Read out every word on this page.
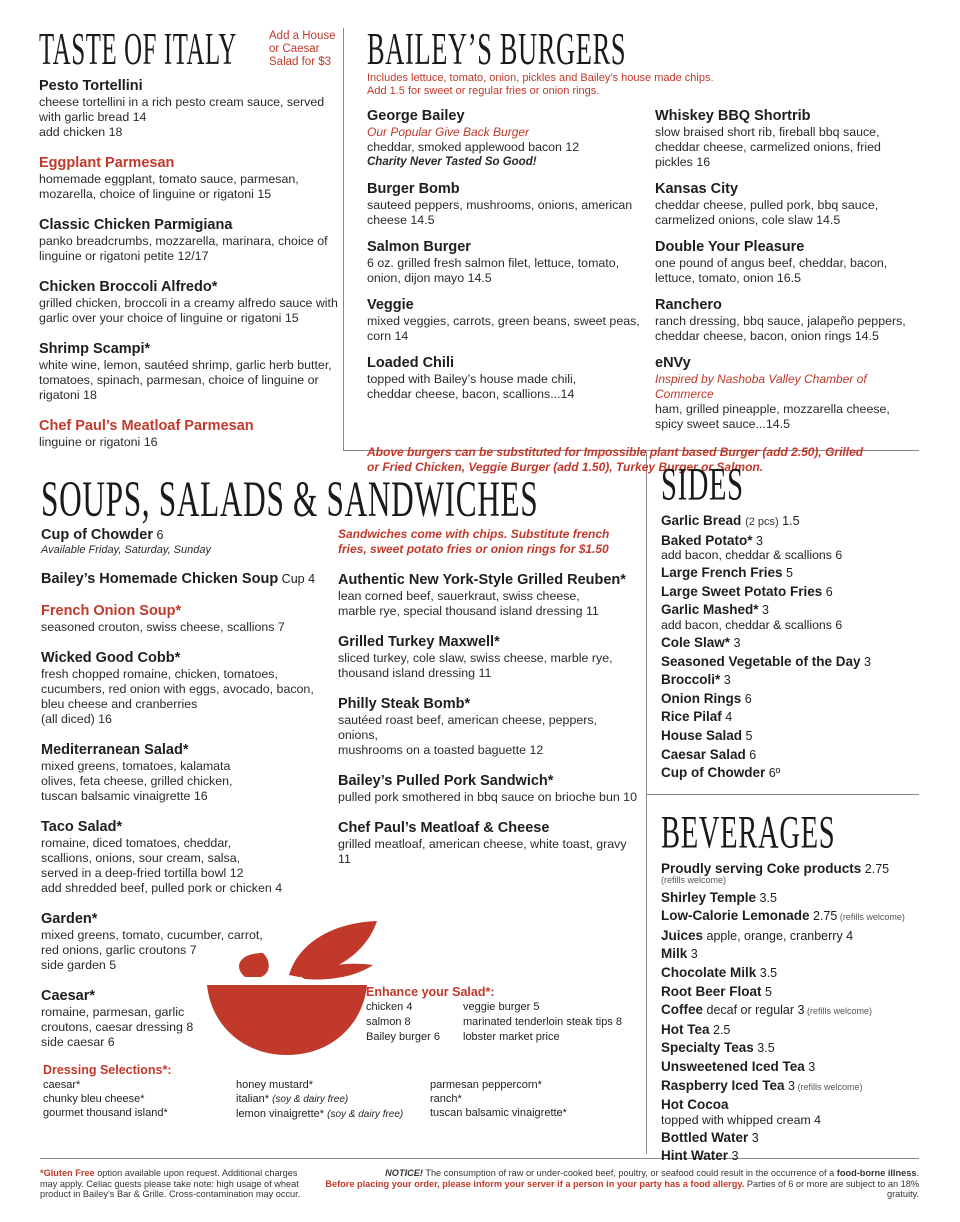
TASTE OF ITALY	Add a House or Caesar Salad for $3
Pesto Tortellini
cheese tortellini in a rich pesto cream sauce, served with garlic bread 14
add chicken 18
Eggplant Parmesan
homemade eggplant, tomato sauce, parmesan, mozarella, choice of linguine or rigatoni 15
Classic Chicken Parmigiana
panko breadcrumbs, mozzarella, marinara, choice of linguine or rigatoni petite 12/17
Chicken Broccoli Alfredo*
grilled chicken, broccoli in a creamy alfredo sauce with garlic over your choice of linguine or rigatoni 15
Shrimp Scampi*
white wine, lemon, sautéed shrimp, garlic herb butter, tomatoes, spinach, parmesan, choice of linguine or rigatoni 18
Chef Paul’s Meatloaf Parmesan
linguine or rigatoni 16
BAILEY’S BURGERS
Includes lettuce, tomato, onion, pickles and Bailey’s house made chips.
Add 1.5 for sweet or regular fries or onion rings.
George Bailey
Our Popular Give Back Burger
cheddar, smoked applewood bacon 12
Charity Never Tasted So Good!
Burger Bomb
sauteed peppers, mushrooms, onions, american cheese 14.5
Salmon Burger
6 oz. grilled fresh salmon filet, lettuce, tomato, onion, dijon mayo 14.5
Veggie
mixed veggies, carrots, green beans, sweet peas, corn 14
Loaded Chili
topped with Bailey’s house made chili,
cheddar cheese, bacon, scallions...14
Whiskey BBQ Shortrib
slow braised short rib, fireball bbq sauce, cheddar cheese, carmelized onions, fried pickles 16
Kansas City
cheddar cheese, pulled pork, bbq sauce,
carmelized onions, cole slaw 14.5
Double Your Pleasure
one pound of angus beef, cheddar, bacon, lettuce, tomato, onion 16.5
Ranchero
ranch dressing, bbq sauce, jalapeño peppers, cheddar cheese, bacon, onion rings 14.5
eNVy
Inspired by Nashoba Valley Chamber of Commerce
ham, grilled pineapple, mozzarella cheese, spicy sweet sauce...14.5
Above burgers can be substituted for Impossible plant based Burger (add 2.50), Grilled or Fried Chicken, Veggie Burger (add 1.50), Turkey Burger or Salmon.
SOUPS, SALADS & SANDWICHES
Cup of Chowder 6
Available Friday, Saturday, Sunday
Bailey’s Homemade Chicken Soup Cup 4
French Onion Soup*
seasoned crouton, swiss cheese, scallions 7
Wicked Good Cobb*
fresh chopped romaine, chicken, tomatoes,
cucumbers, red onion with eggs, avocado, bacon,
bleu cheese and cranberries
(all diced) 16
Mediterranean Salad*
mixed greens, tomatoes, kalamata
olives, feta cheese, grilled chicken,
tuscan balsamic vinaigrette 16
Taco Salad*
romaine, diced tomatoes, cheddar,
scallions, onions, sour cream, salsa,
served in a deep-fried tortilla bowl 12
add shredded beef, pulled pork or chicken 4
Garden*
mixed greens, tomato, cucumber, carrot,
red onions, garlic croutons 7
side garden 5
Caesar*
romaine, parmesan, garlic
croutons, caesar dressing 8
side caesar 6
Sandwiches come with chips. Substitute french fries, sweet potato fries or onion rings for $1.50
Authentic New York-Style Grilled Reuben*
lean corned beef, sauerkraut, swiss cheese,
marble rye, special thousand island dressing 11
Grilled Turkey Maxwell*
sliced turkey, cole slaw, swiss cheese, marble rye,
thousand island dressing 11
Philly Steak Bomb*
sautéed roast beef, american cheese, peppers, onions,
mushrooms on a toasted baguette 12
Bailey’s Pulled Pork Sandwich*
pulled pork smothered in bbq sauce on brioche bun 10
Chef Paul’s Meatloaf & Cheese
grilled meatloaf, american cheese, white toast, gravy 11
Enhance your Salad*:
chicken 4
salmon 8
Bailey burger 6
veggie burger 5
marinated tenderloin steak tips 8
lobster market price
Dressing Selections*:
caesar*
chunky bleu cheese*
gourmet thousand island*
honey mustard*
italian* (soy & dairy free)
lemon vinaigrette* (soy & dairy free)
parmesan peppercorn*
ranch*
tuscan balsamic vinaigrette*
SIDES
Garlic Bread (2 pcs) 1.5
Baked Potato* 3
add bacon, cheddar & scallions 6
Large French Fries 5
Large Sweet Potato Fries 6
Garlic Mashed* 3
add bacon, cheddar & scallions 6
Cole Slaw* 3
Seasoned Vegetable of the Day 3
Broccoli* 3
Onion Rings 6
Rice Pilaf 4
House Salad 5
Caesar Salad 6
Cup of Chowder 6º
BEVERAGES
Proudly serving Coke products 2.75
(refills welcome)
Shirley Temple 3.5
Low-Calorie Lemonade 2.75 (refills welcome)
Juices apple, orange, cranberry 4
Milk 3
Chocolate Milk 3.5
Root Beer Float 5
Coffee decaf or regular 3 (refills welcome)
Hot Tea 2.5
Specialty Teas 3.5
Unsweetened Iced Tea 3
Raspberry Iced Tea 3 (refills welcome)
Hot Cocoa
topped with whipped cream 4
Bottled Water 3
Hint Water 3
*Gluten Free option available upon request. Additional charges may apply. Celiac guests please take note: high usage of wheat product in Bailey’s Bar & Grille. Cross-contamination may occur.
NOTICE! The consumption of raw or under-cooked beef, poultry, or seafood could result in the occurrence of a food-borne illness.
Before placing your order, please inform your server if a person in your party has a food allergy. Parties of 6 or more are subject to an 18% gratuity.
